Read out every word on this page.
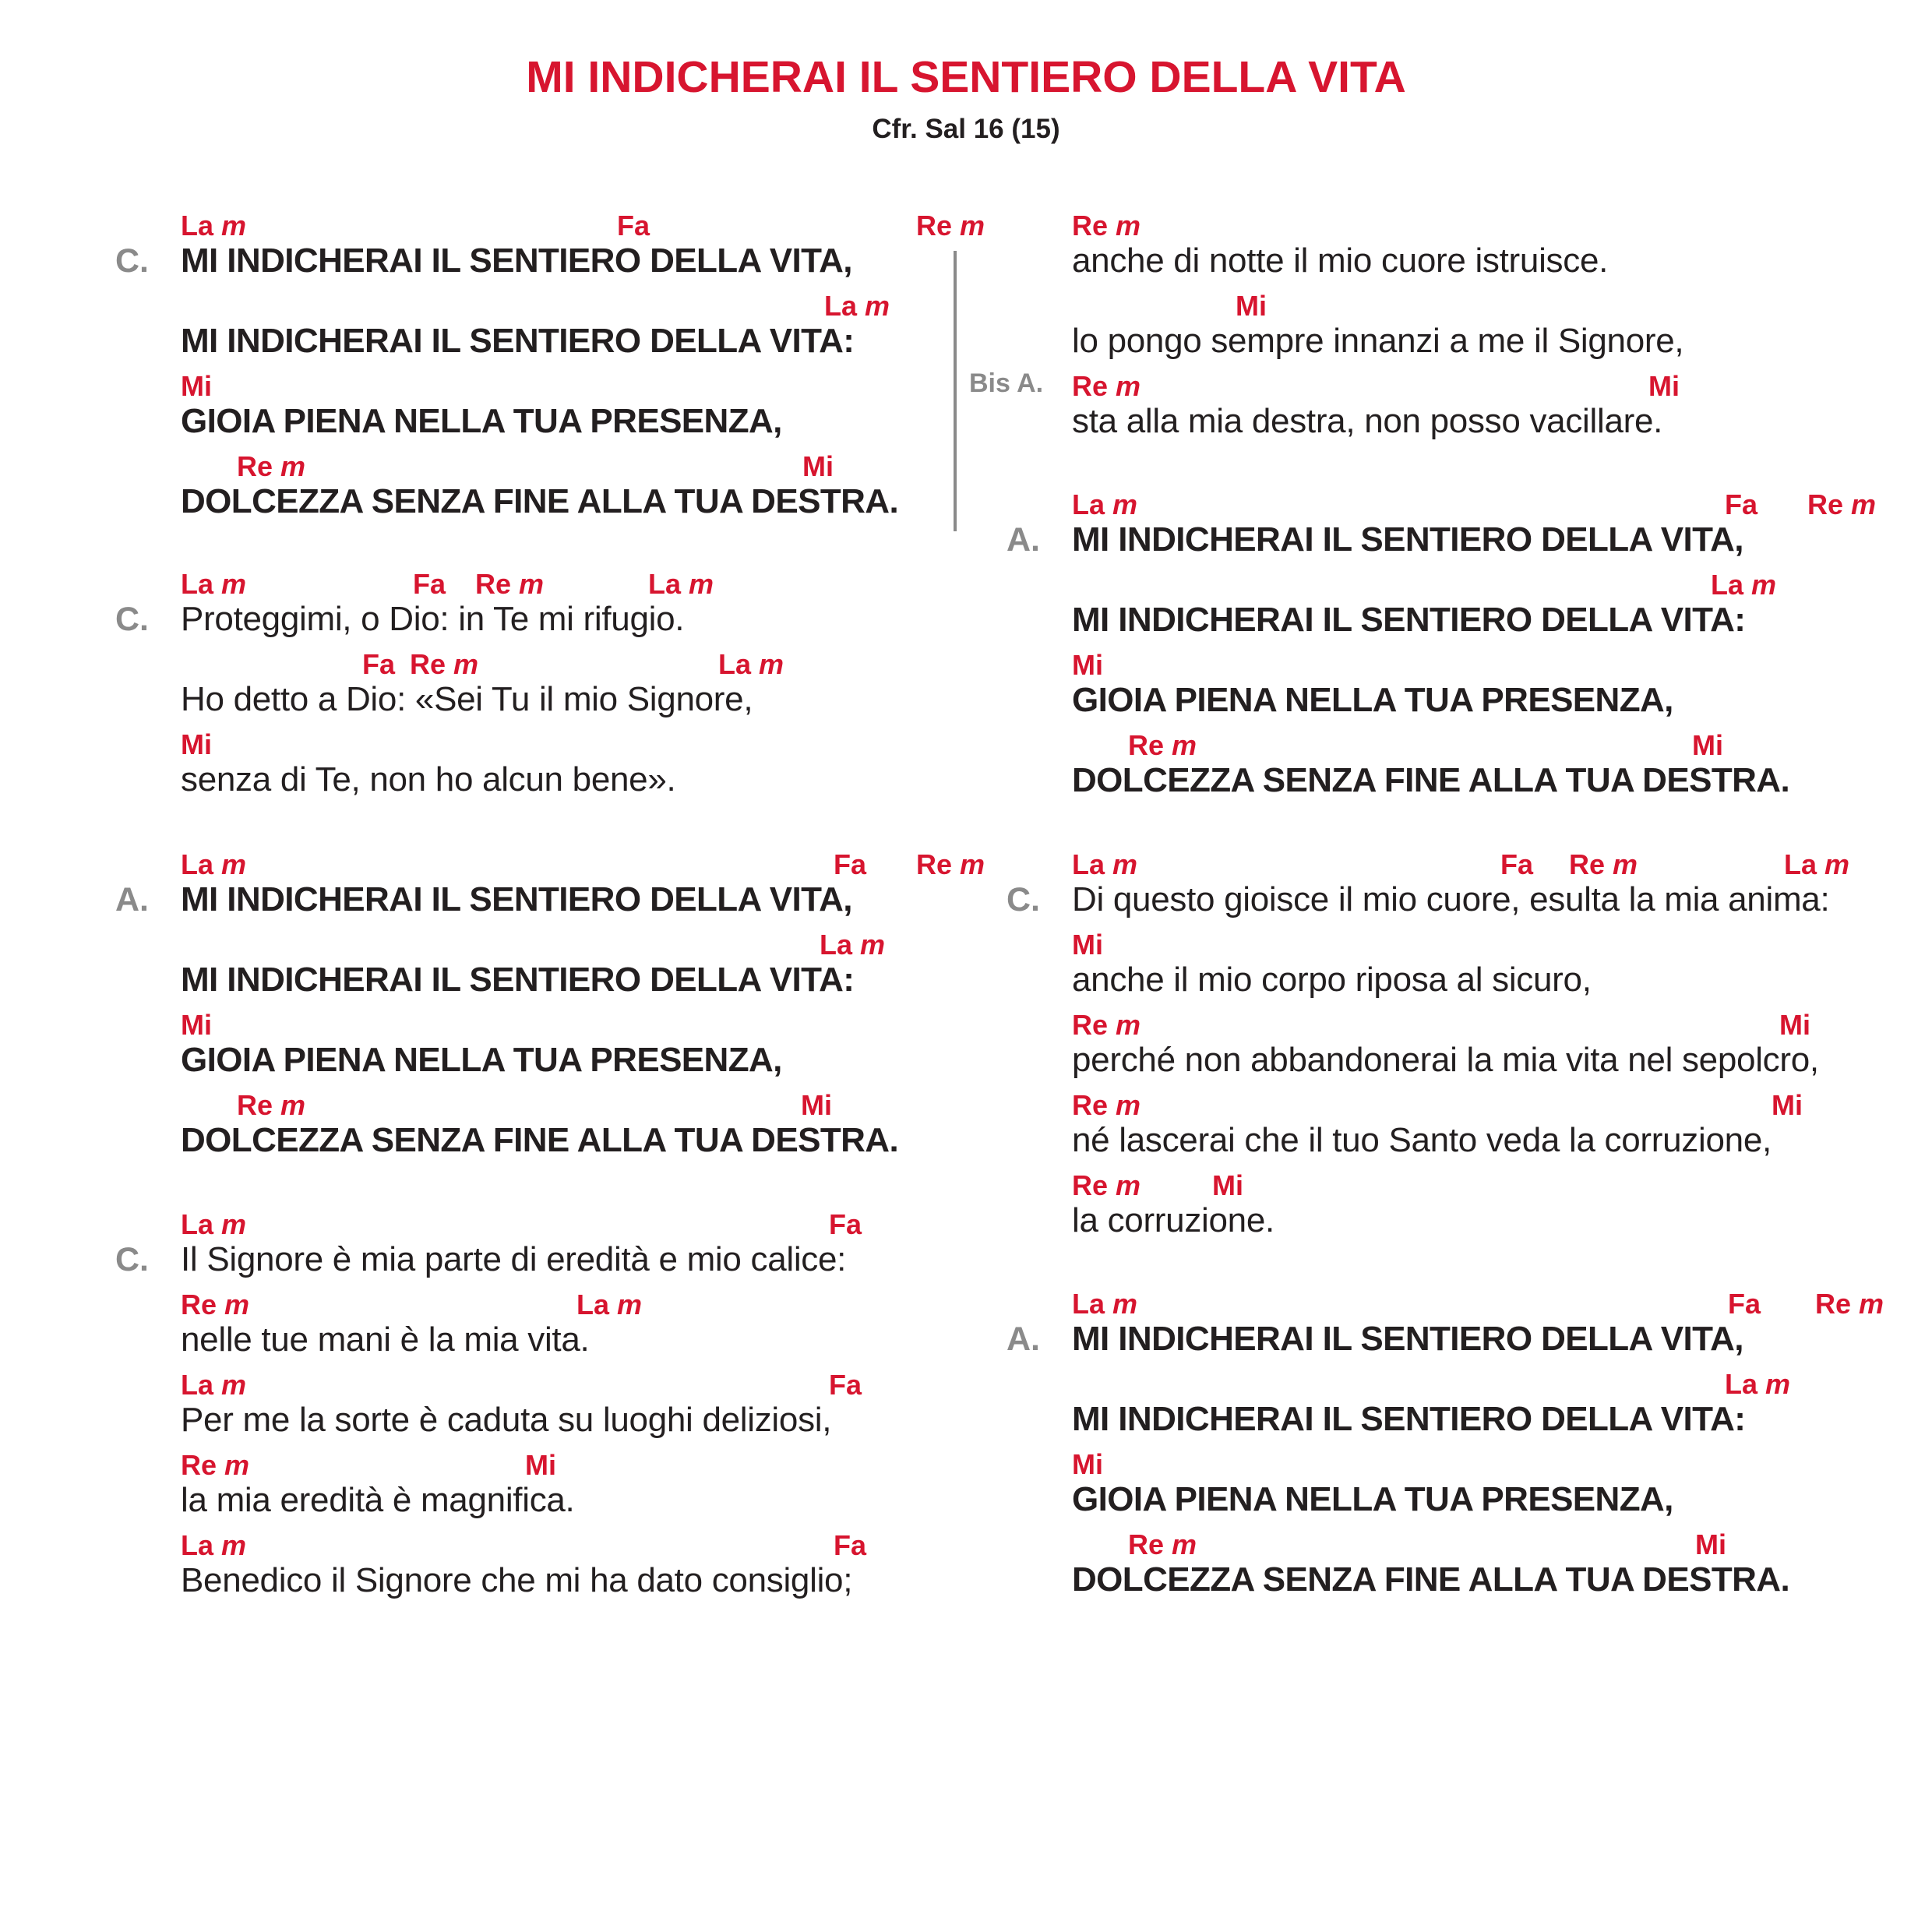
MI INDICHERAI IL SENTIERO DELLA VITA
Cfr. Sal 16 (15)
C.
La m	Fa	Re m
MI INDICHERAI IL SENTIERO DELLA VITA,
La m
MI INDICHERAI IL SENTIERO DELLA VITA:
Mi
GIOIA PIENA NELLA TUA PRESENZA,
Re m	Mi
DOLCEZZA SENZA FINE ALLA TUA DESTRA.
C.
La m	Fa Re m	La m
Proteggimi, o Dio: in Te mi rifugio.
Fa Re m	La m
Ho detto a Dio: «Sei Tu il mio Signore,
Mi
senza di Te, non ho alcun bene».
A.
La m	Fa Re m
MI INDICHERAI IL SENTIERO DELLA VITA,
La m
MI INDICHERAI IL SENTIERO DELLA VITA:
Mi
GIOIA PIENA NELLA TUA PRESENZA,
Re m	Mi
DOLCEZZA SENZA FINE ALLA TUA DESTRA.
C.
La m	Fa
Il Signore è mia parte di eredità e mio calice:
Re m	La m
nelle tue mani è la mia vita.
La m	Fa
Per me la sorte è caduta su luoghi deliziosi,
Re m	Mi
la mia eredità è magnifica.
La m	Fa
Benedico il Signore che mi ha dato consiglio;
Re m
anche di notte il mio cuore istruisce.
Mi
lo pongo sempre innanzi a me il Signore,
Re m	Mi
sta alla mia destra, non posso vacillare.
A.
La m	Fa Re m
MI INDICHERAI IL SENTIERO DELLA VITA,
La m
MI INDICHERAI IL SENTIERO DELLA VITA:
Mi
GIOIA PIENA NELLA TUA PRESENZA,
Re m	Mi
DOLCEZZA SENZA FINE ALLA TUA DESTRA.
C.
La m	Fa Re m	La m
Di questo gioisce il mio cuore, esulta la mia anima:
Mi
anche il mio corpo riposa al sicuro,
Re m	Mi
perché non abbandonerai la mia vita nel sepolcro,
Re m	Mi
né lascerai che il tuo Santo veda la corruzione,
Re m	Mi
la corruzione.
A.
La m	Fa Re m
MI INDICHERAI IL SENTIERO DELLA VITA,
La m
MI INDICHERAI IL SENTIERO DELLA VITA:
Mi
GIOIA PIENA NELLA TUA PRESENZA,
Re m	Mi
DOLCEZZA SENZA FINE ALLA TUA DESTRA.
Bis A.
